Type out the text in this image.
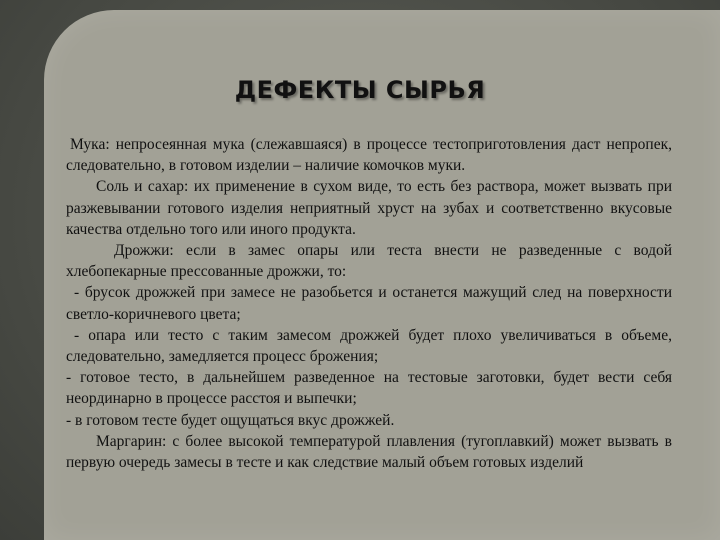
ДЕФЕКТЫ СЫРЬЯ

Мука: непросеянная мука (слежавшаяся) в процессе тестоприготовления даст непропек, следовательно, в готовом изделии – наличие комочков муки.

Соль и сахар: их применение в сухом виде, то есть без раствора, может вызвать при разжевывании готового изделия неприятный хруст на зубах и соответственно вкусовые качества отдельно того или иного продукта.

Дрожжи: если в замес опары или теста внести не разведенные с водой хлебопекарные прессованные дрожжи, то:

- брусок дрожжей при замесе не разобьется и останется мажущий след на поверхности светло-коричневого цвета;

- опара или тесто с таким замесом дрожжей будет плохо увеличиваться в объеме, следовательно, замедляется процесс брожения;

- готовое тесто, в дальнейшем разведенное на тестовые заготовки, будет вести себя неординарно в процессе расстоя и выпечки;

- в готовом тесте будет ощущаться вкус дрожжей.

Маргарин: с более высокой температурой плавления (тугоплавкий) может вызвать в первую очередь замесы в тесте и как следствие малый объем готовых изделий
